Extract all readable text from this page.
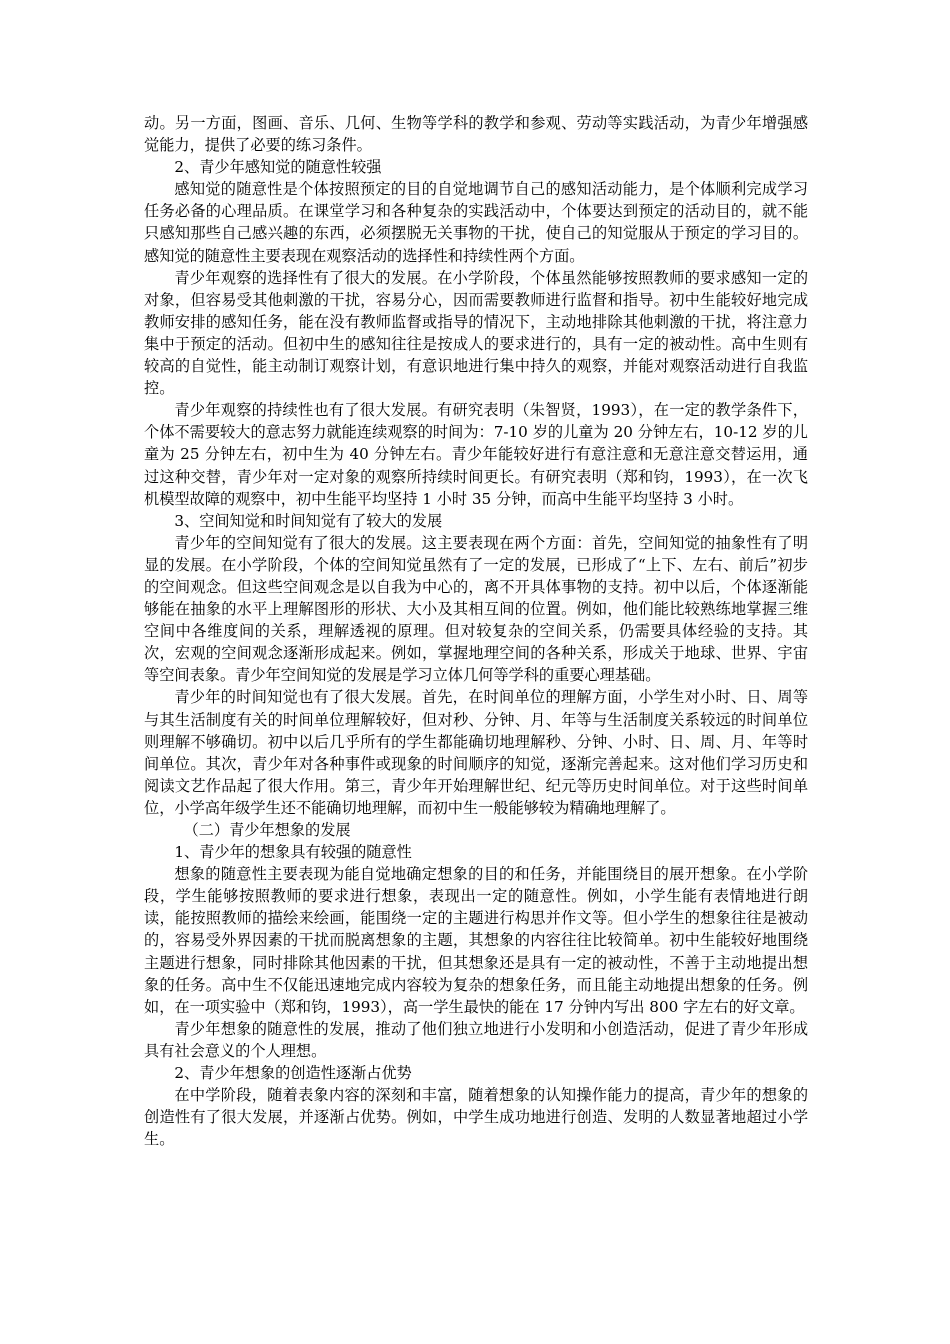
动。另一方面，图画、音乐、几何、生物等学科的教学和参观、劳动等实践活动，为青少年增强感觉能力，提供了必要的练习条件。

2、青少年感知觉的随意性较强

感知觉的随意性是个体按照预定的目的自觉地调节自己的感知活动能力，是个体顺利完成学习任务必备的心理品质。在课堂学习和各种复杂的实践活动中，个体要达到预定的活动目的，就不能只感知那些自己感兴趣的东西，必须摆脱无关事物的干扰，使自己的知觉服从于预定的学习目的。感知觉的随意性主要表现在观察活动的选择性和持续性两个方面。

青少年观察的选择性有了很大的发展。在小学阶段，个体虽然能够按照教师的要求感知一定的对象，但容易受其他刺激的干扰，容易分心，因而需要教师进行监督和指导。初中生能较好地完成教师安排的感知任务，能在没有教师监督或指导的情况下，主动地排除其他刺激的干扰，将注意力集中于预定的活动。但初中生的感知往往是按成人的要求进行的，具有一定的被动性。高中生则有较高的自觉性，能主动制订观察计划，有意识地进行集中持久的观察，并能对观察活动进行自我监控。

青少年观察的持续性也有了很大发展。有研究表明（朱智贤，1993），在一定的教学条件下，个体不需要较大的意志努力就能连续观察的时间为：7-10 岁的儿童为 20 分钟左右，10-12 岁的儿童为 25 分钟左右，初中生为 40 分钟左右。青少年能较好进行有意注意和无意注意交替运用，通过这种交替，青少年对一定对象的观察所持续时间更长。有研究表明（郑和钧，1993），在一次飞机模型故障的观察中，初中生能平均坚持 1 小时 35 分钟，而高中生能平均坚持 3 小时。

3、空间知觉和时间知觉有了较大的发展

青少年的空间知觉有了很大的发展。这主要表现在两个方面：首先，空间知觉的抽象性有了明显的发展。在小学阶段，个体的空间知觉虽然有了一定的发展，已形成了“上下、左右、前后”初步的空间观念。但这些空间观念是以自我为中心的，离不开具体事物的支持。初中以后，个体逐渐能够能在抽象的水平上理解图形的形状、大小及其相互间的位置。例如，他们能比较熟练地掌握三维空间中各维度间的关系，理解透视的原理。但对较复杂的空间关系，仍需要具体经验的支持。其次，宏观的空间观念逐渐形成起来。例如，掌握地理空间的各种关系，形成关于地球、世界、宇宙等空间表象。青少年空间知觉的发展是学习立体几何等学科的重要心理基础。

青少年的时间知觉也有了很大发展。首先，在时间单位的理解方面，小学生对小时、日、周等与其生活制度有关的时间单位理解较好，但对秒、分钟、月、年等与生活制度关系较远的时间单位则理解不够确切。初中以后几乎所有的学生都能确切地理解秒、分钟、小时、日、周、月、年等时间单位。其次，青少年对各种事件或现象的时间顺序的知觉，逐渐完善起来。这对他们学习历史和阅读文艺作品起了很大作用。第三，青少年开始理解世纪、纪元等历史时间单位。对于这些时间单位，小学高年级学生还不能确切地理解，而初中生一般能够较为精确地理解了。

（二）青少年想象的发展

1、青少年的想象具有较强的随意性

想象的随意性主要表现为能自觉地确定想象的目的和任务，并能围绕目的展开想象。在小学阶段，学生能够按照教师的要求进行想象，表现出一定的随意性。例如，小学生能有表情地进行朗读，能按照教师的描绘来绘画，能围绕一定的主题进行构思并作文等。但小学生的想象往往是被动的，容易受外界因素的干扰而脱离想象的主题，其想象的内容往往比较简单。初中生能较好地围绕主题进行想象，同时排除其他因素的干扰，但其想象还是具有一定的被动性，不善于主动地提出想象的任务。高中生不仅能迅速地完成内容较为复杂的想象任务，而且能主动地提出想象的任务。例如，在一项实验中（郑和钧，1993），高一学生最快的能在 17 分钟内写出 800 字左右的好文章。

青少年想象的随意性的发展，推动了他们独立地进行小发明和小创造活动，促进了青少年形成具有社会意义的个人理想。

2、青少年想象的创造性逐渐占优势

在中学阶段，随着表象内容的深刻和丰富，随着想象的认知操作能力的提高，青少年的想象的创造性有了很大发展，并逐渐占优势。例如，中学生成功地进行创造、发明的人数显著地超过小学生。
